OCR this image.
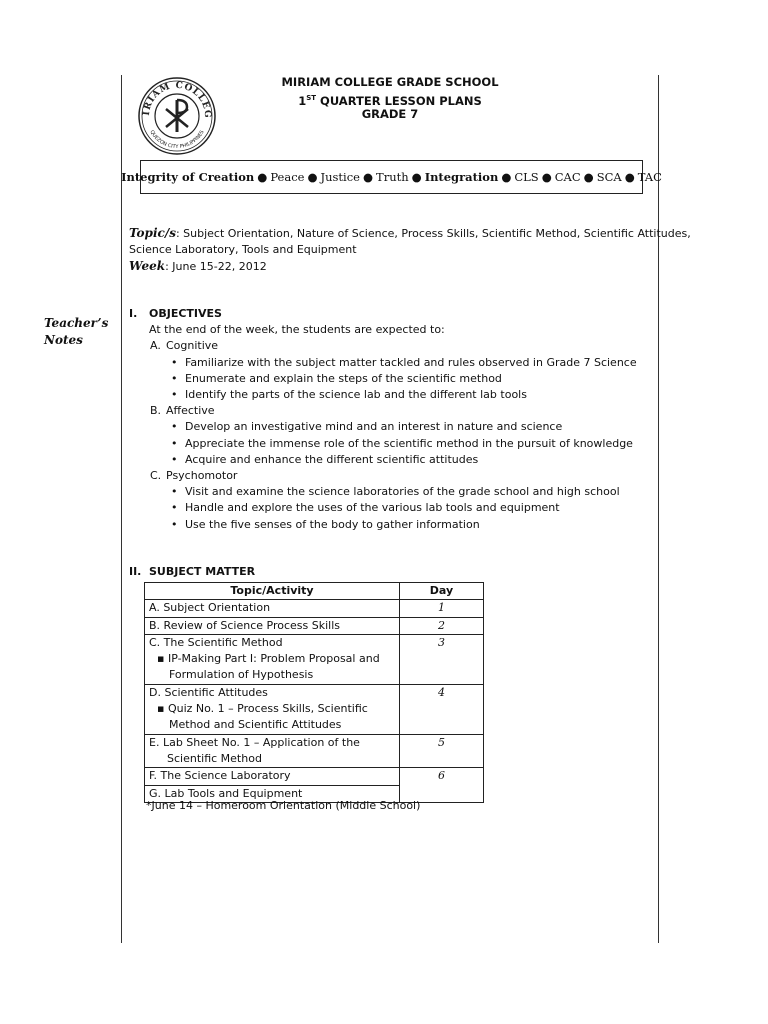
IRIAM COLLEG
QUEZON CITY PHILIPPINES
MIRIAM COLLEGE GRADE SCHOOL
1ST QUARTER LESSON PLANS
GRADE 7
Integrity of Creation ● Peace ● Justice ● Truth ● Integration ● CLS ● CAC ● SCA ● TAC
Teacher’s
Notes
Topic/s: Subject Orientation, Nature of Science, Process Skills, Scientific Method, Scientific Attitudes,
Science Laboratory, Tools and Equipment
Week: June 15-22, 2012
I. OBJECTIVES
At the end of the week, the students are expected to:
A. Cognitive
• Familiarize with the subject matter tackled and rules observed in Grade 7 Science
• Enumerate and explain the steps of the scientific method
• Identify the parts of the science lab and the different lab tools
B. Affective
• Develop an investigative mind and an interest in nature and science
• Appreciate the immense role of the scientific method in the pursuit of knowledge
• Acquire and enhance the different scientific attitudes
C. Psychomotor
• Visit and examine the science laboratories of the grade school and high school
• Handle and explore the uses of the various lab tools and equipment
• Use the five senses of the body to gather information
II. SUBJECT MATTER
Topic/Activity	Day
A. Subject Orientation	1
B. Review of Science Process Skills	2

C. The Scientific Method
▪ IP-Making Part I: Problem Proposal and
Formulation of Hypothesis	3

D. Scientific Attitudes
▪ Quiz No. 1 – Process Skills, Scientific
Method and Scientific Attitudes	4

E. Lab Sheet No. 1 – Application of the
Scientific Method	5
F. The Science Laboratory	6
G. Lab Tools and Equipment	
*June 14 – Homeroom Orientation (Middle School)
